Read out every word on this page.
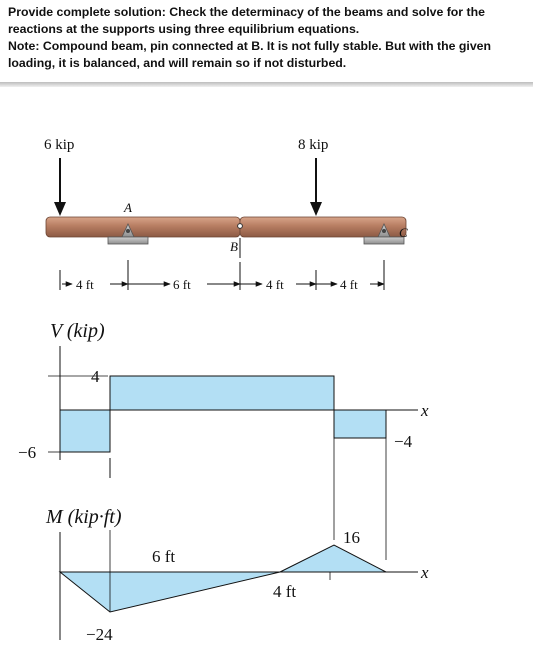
Provide complete solution: Check the determinacy of the beams and solve for the

reactions at the supports using three equilibrium equations.

Note: Compound beam, pin connected at B. It is not fully stable. But with the given

loading, it is balanced, and will remain so if not disturbed.

6 kip	8 kip
A
B
C
4 ft	6 ft	4 ft	4 ft
V (kip)
4
−6
−4
x
M (kip·ft)
6 ft
−24
16
4 ft
x
